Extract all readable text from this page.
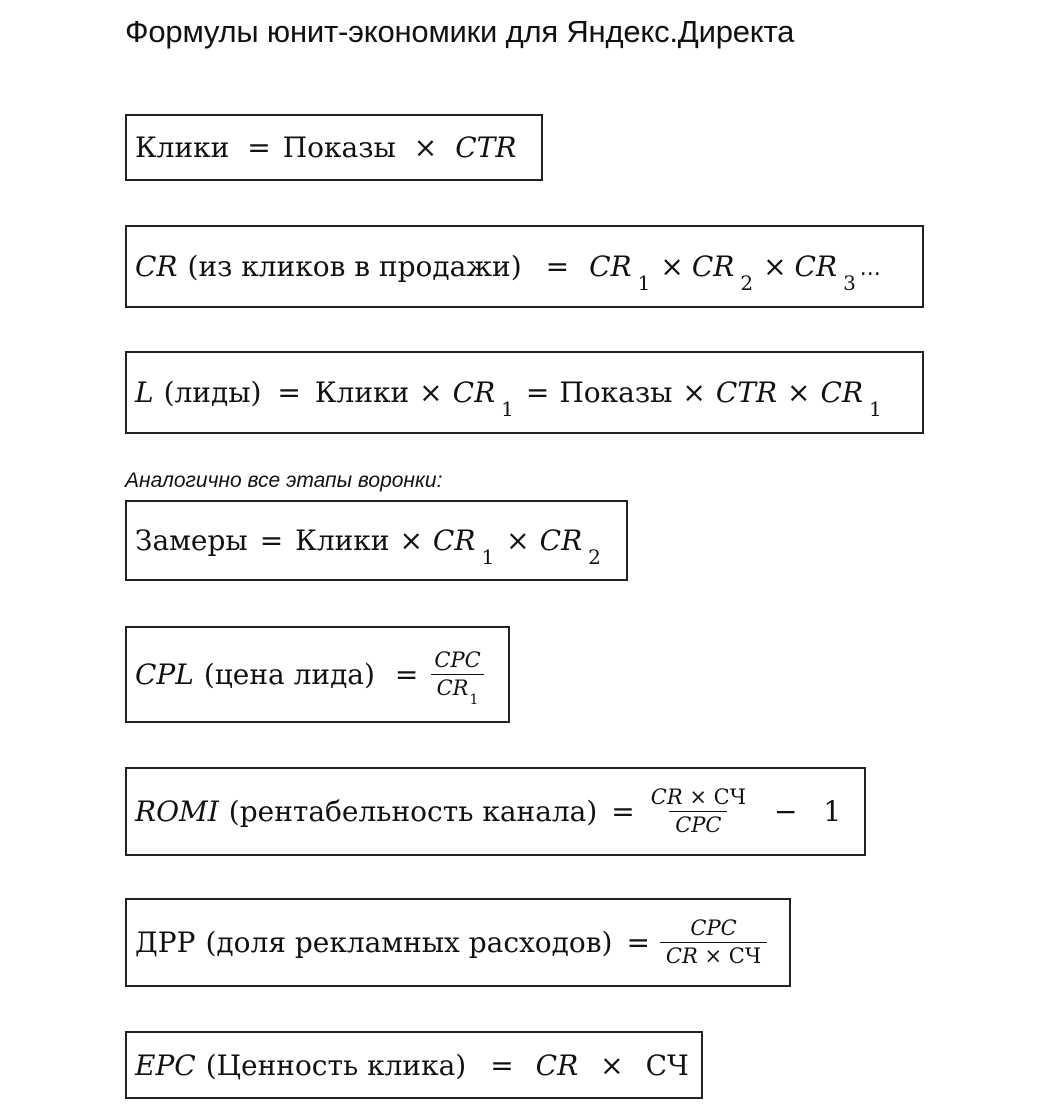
Формулы юнит-экономики для Яндекс.Директа
Клики = Показы × CTR
CR (из кликов в продажи) = CR 1 × CR 2 × CR 3
...
L (лиды) = Клики × CR 1 = Показы × CTR × CR 1

Аналогично все этапы воронки:

Замеры = Клики × CR 1 × CR 2
CPL (цена лида) = $\frac{\text{CPC}}{CR_1}$
ROMI (рентабельность канала) = $\frac{CR \times СЧ}{\text{CPC}} - 1$
ДРР (доля рекламных расходов) = $\frac{\text{CPC}}{CR \times СЧ}$
EPC (Ценность клика) = CR × СЧ
